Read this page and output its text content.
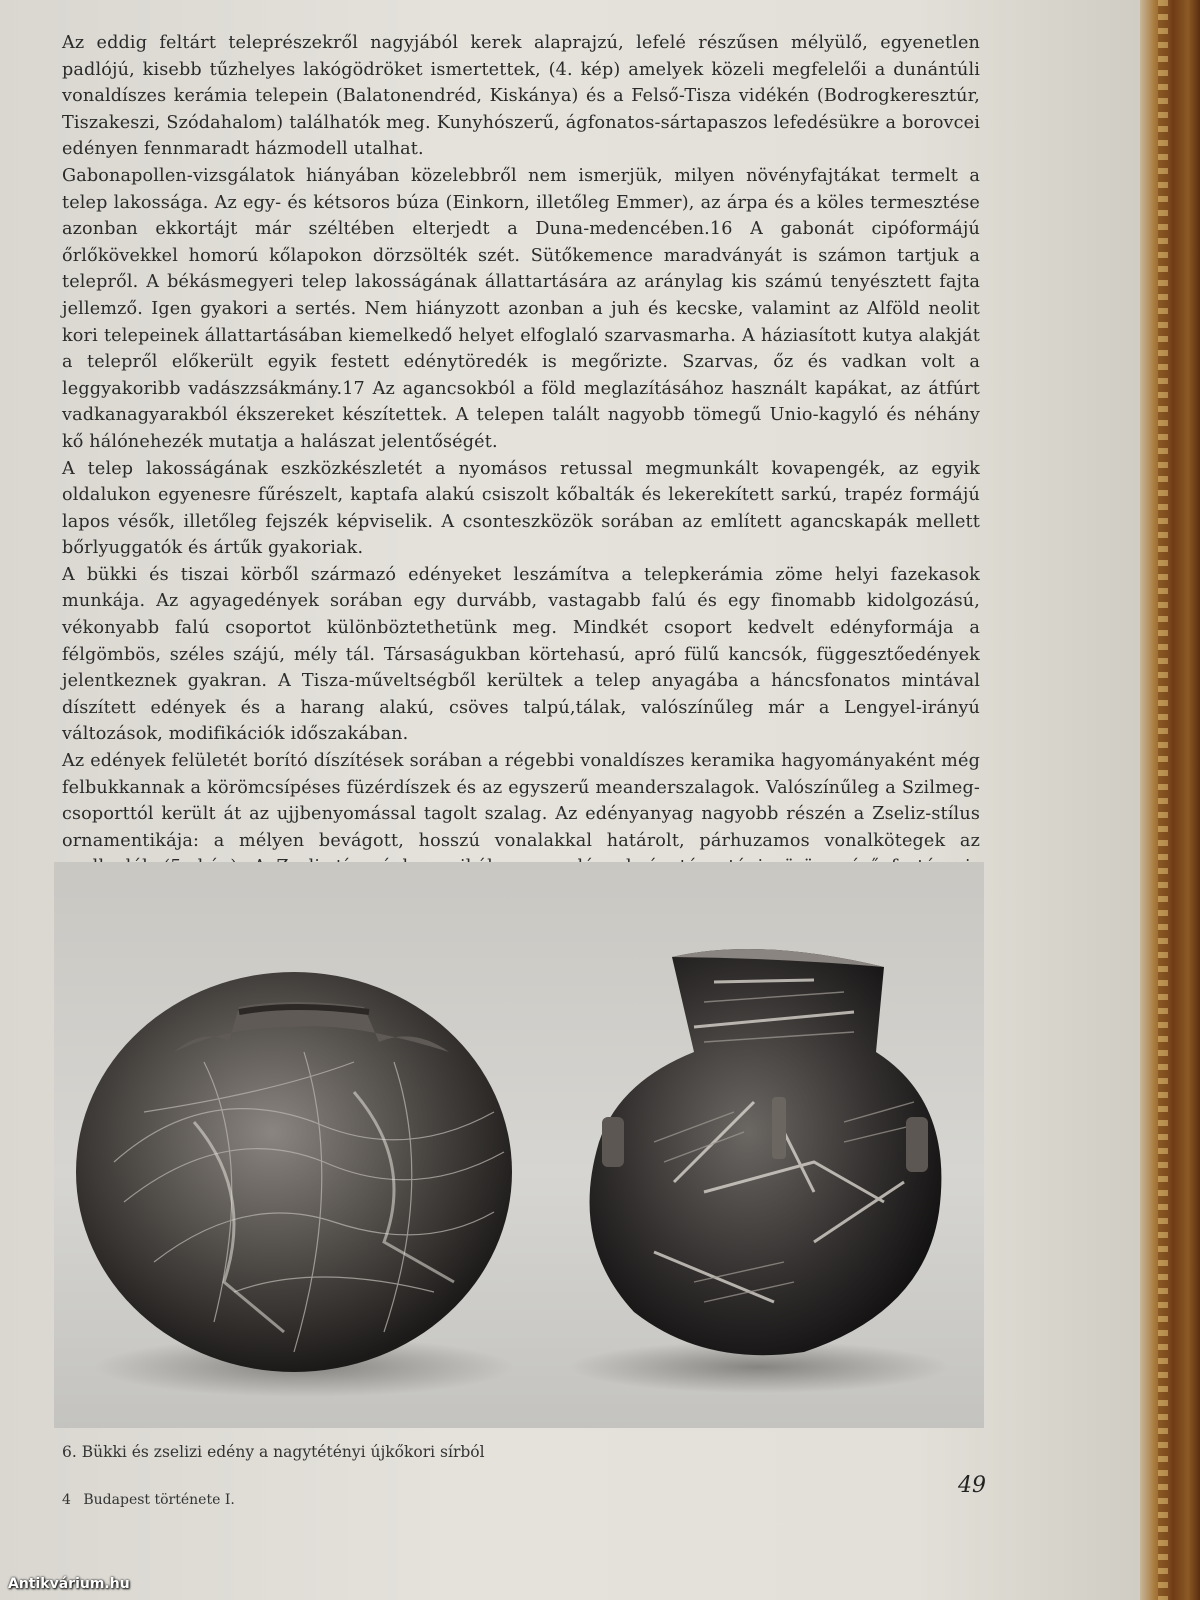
Az eddig feltárt teleprészekről nagyjából kerek alaprajzú, lefelé részűsen mélyülő, egyenetlen padlójú, kisebb tűzhelyes lakógödröket ismertettek, (4. kép) amelyek közeli megfelelői a dunántúli vonaldíszes kerámia telepein (Balatonendréd, Kiskánya) és a Felső-Tisza vidékén (Bodrogkeresztúr, Tiszakeszi, Szódahalom) találhatók meg. Kunyhószerű, ágfonatos-sártapaszos lefedésükre a borovcei edényen fennmaradt házmodell utalhat.

Gabonapollen-vizsgálatok hiányában közelebbről nem ismerjük, milyen növényfajtákat termelt a telep lakossága. Az egy- és kétsoros búza (Einkorn, illetőleg Emmer), az árpa és a köles termesztése azonban ekkortájt már széltében elterjedt a Duna-medencében.16 A gabonát cipóformájú őrlőkövekkel homorú kőlapokon dörzsölték szét. Sütőkemence maradványát is számon tartjuk a telepről. A békásmegyeri telep lakosságának állattartására az aránylag kis számú tenyésztett fajta jellemző. Igen gyakori a sertés. Nem hiányzott azonban a juh és kecske, valamint az Alföld neolit kori telepeinek állattartásában kiemelkedő helyet elfoglaló szarvasmarha. A háziasított kutya alakját a telepről előkerült egyik festett edénytöredék is megőrizte. Szarvas, őz és vadkan volt a leggyakoribb vadászzsákmány.17 Az agancsokból a föld meglazításához használt kapákat, az átfúrt vadkanagyarakból ékszereket készítettek. A telepen talált nagyobb tömegű Unio-kagyló és néhány kő hálónehezék mutatja a halászat jelentőségét.

A telep lakosságának eszközkészletét a nyomásos retussal megmunkált kovapengék, az egyik oldalukon egyenesre fűrészelt, kaptafa alakú csiszolt kőbalták és lekerekített sarkú, trapéz formájú lapos vésők, illetőleg fejszék képviselik. A csonteszközök sorában az említett agancskapák mellett bőrlyuggatók és ártűk gyakoriak.

A bükki és tiszai körből származó edényeket leszámítva a telepkerámia zöme helyi fazekasok munkája. Az agyagedények sorában egy durvább, vastagabb falú és egy finomabb kidolgozású, vékonyabb falú csoportot különböztethetünk meg. Mindkét csoport kedvelt edényformája a félgömbös, széles szájú, mély tál. Társaságukban körtehasú, apró fülű kancsók, függesztőedények jelentkeznek gyakran. A Tisza-műveltségből kerültek a telep anyagába a háncsfonatos mintával díszített edények és a harang alakú, csöves talpú,tálak, valószínűleg már a Lengyel-irányú változások, modifikációk időszakában.

Az edények felületét borító díszítések sorában a régebbi vonaldíszes keramika hagyományaként még felbukkannak a körömcsípéses füzérdíszek és az egyszerű meanderszalagok. Valószínűleg a Szilmeg-csoporttól került át az ujjbenyomással tagolt szalag. Az edényanyag nagyobb részén a Zseliz-stílus ornamentikája: a mélyen bevágott, hosszú vonalakkal határolt, párhuzamos vonalkötegek az

6. Bükki és zselizi edény a nagytétényi újkőkori sírból
49
4 Budapest története I.
Antikvárium.hu
